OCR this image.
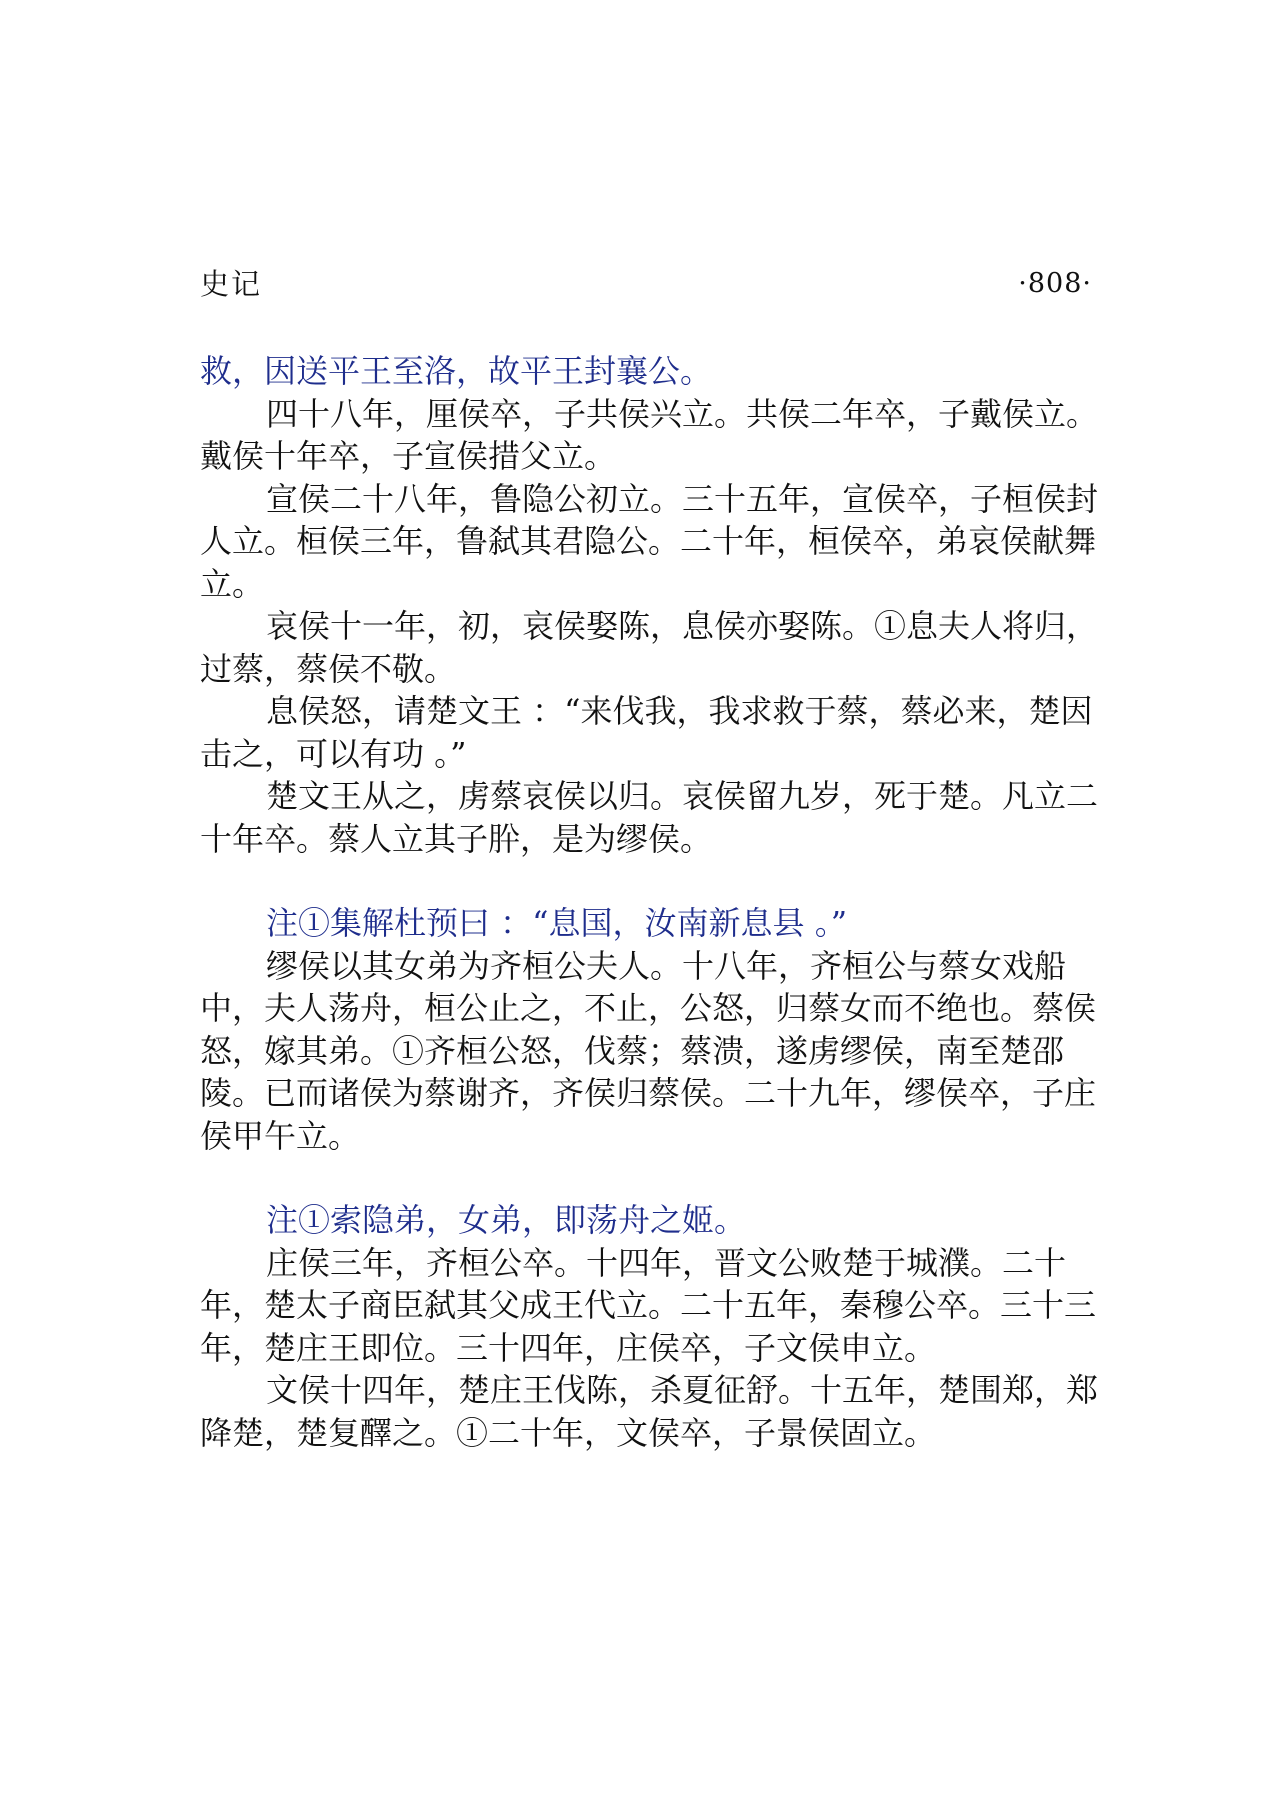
史记	·808·

救，因送平王至洛，故平王封襄公。

四十八年，厘侯卒，子共侯兴立。共侯二年卒，子戴侯立。戴侯十年卒，子宣侯措父立。

宣侯二十八年，鲁隐公初立。三十五年，宣侯卒，子桓侯封人立。桓侯三年，鲁弑其君隐公。二十年，桓侯卒，弟哀侯献舞立。

哀侯十一年，初，哀侯娶陈，息侯亦娶陈。①息夫人将归，过蔡，蔡侯不敬。

息侯怒，请楚文王 ：“来伐我，我求救于蔡，蔡必来，楚因击之，可以有功 。”

楚文王从之，虏蔡哀侯以归。哀侯留九岁，死于楚。凡立二十年卒。蔡人立其子肸，是为缪侯。

注①集解杜预曰 ：“息国，汝南新息县 。”

缪侯以其女弟为齐桓公夫人。十八年，齐桓公与蔡女戏船中，夫人荡舟，桓公止之，不止，公怒，归蔡女而不绝也。蔡侯怒，嫁其弟。①齐桓公怒，伐蔡；蔡溃，遂虏缪侯，南至楚邵陵。已而诸侯为蔡谢齐，齐侯归蔡侯。二十九年，缪侯卒，子庄侯甲午立。

注①索隐弟，女弟，即荡舟之姬。

庄侯三年，齐桓公卒。十四年，晋文公败楚于城濮。二十年，楚太子商臣弑其父成王代立。二十五年，秦穆公卒。三十三年，楚庄王即位。三十四年，庄侯卒，子文侯申立。

文侯十四年，楚庄王伐陈，杀夏征舒。十五年，楚围郑，郑降楚，楚复醳之。①二十年，文侯卒，子景侯固立。
